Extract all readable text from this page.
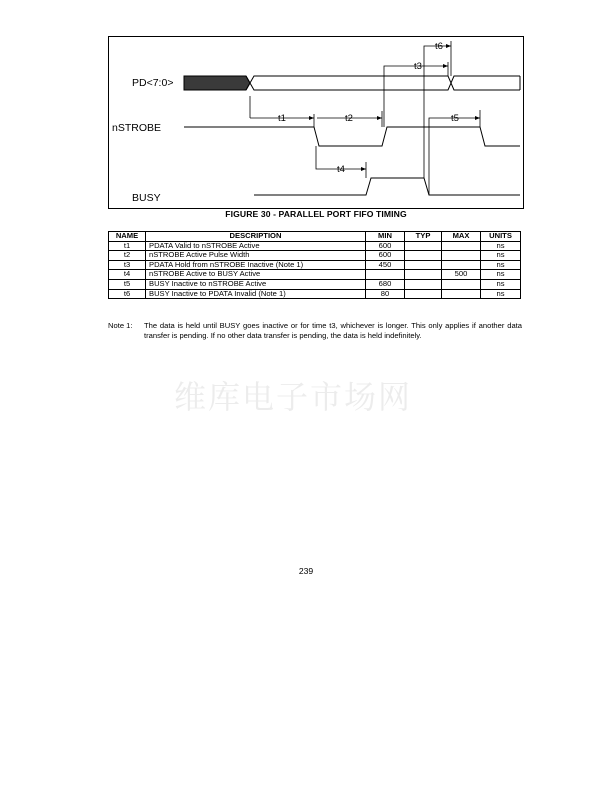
PD<7:0>
nSTROBE
BUSY
t1	t2
t3
t4
t5
t6
FIGURE 30 - PARALLEL PORT FIFO TIMING
NAME	DESCRIPTION	MIN	TYP	MAX	UNITS
t1	PDATA Valid to nSTROBE Active	600			ns
t2	nSTROBE Active Pulse Width	600			ns
t3	PDATA Hold from nSTROBE Inactive (Note 1)	450			ns
t4	nSTROBE Active to BUSY Active			500	ns
t5	BUSY Inactive to nSTROBE Active	680			ns
t6	BUSY Inactive to PDATA Invalid (Note 1)	80			ns
Note 1: The data is held until BUSY goes inactive or for time t3, whichever is longer. This only applies if another data transfer is pending. If no other data transfer is pending, the data is held indefinitely.
维库电子市场网
239
